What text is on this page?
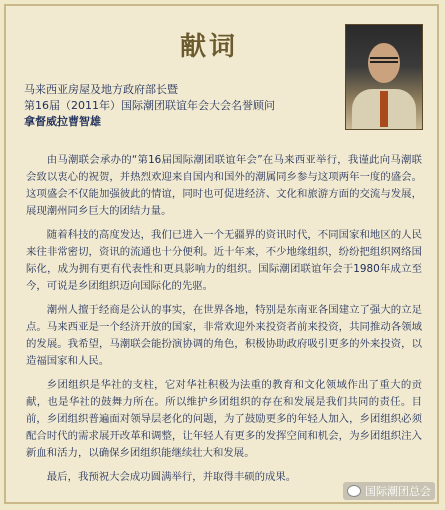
献词
马来西亚房屋及地方政府部长暨
第16届（2011年）国际潮团联谊年会大会名誉顾问
拿督威拉曹智雄

由马潮联会承办的“第16届国际潮团联谊年会”在马来西亚举行，我谨此向马潮联会致以衷心的祝贺，并热烈欢迎来自国内和国外的潮属同乡参与这项两年一度的盛会。这项盛会不仅能加强彼此的情谊，同时也可促进经济、文化和旅游方面的交流与发展，展现潮州同乡巨大的团结力量。

随着科技的高度发达，我们已进入一个无疆界的资讯时代，不同国家和地区的人民来往非常密切，资讯的流通也十分便利。近十年来，不少地缘组织，纷纷把组织网络国际化，成为拥有更有代表性和更具影响力的组织。国际潮团联谊年会于1980年成立至今，可说是乡团组织迈向国际化的先驱。

潮州人擅于经商是公认的事实，在世界各地，特别是东南亚各国建立了强大的立足点。马来西亚是一个经济开放的国家，非常欢迎外来投资者前来投资，共同推动各领域的发展。我希望，马潮联会能扮演协调的角色，积极协助政府吸引更多的外来投资，以造福国家和人民。

乡团组织是华社的支柱，它对华社积极为法重的教育和文化领域作出了重大的贡献，也是华社的鼓舞力所在。所以维护乡团组织的存在和发展是我们共同的责任。目前，乡团组织普遍面对领导层老化的问题，为了鼓励更多的年轻人加入，乡团组织必须配合时代的需求展开改革和调整，让年轻人有更多的发挥空间和机会，为乡团组织注入新血和活力，以确保乡团组织能继续壮大和发展。

最后，我预祝大会成功圆满举行，并取得丰硕的成果。

国际潮团总会
